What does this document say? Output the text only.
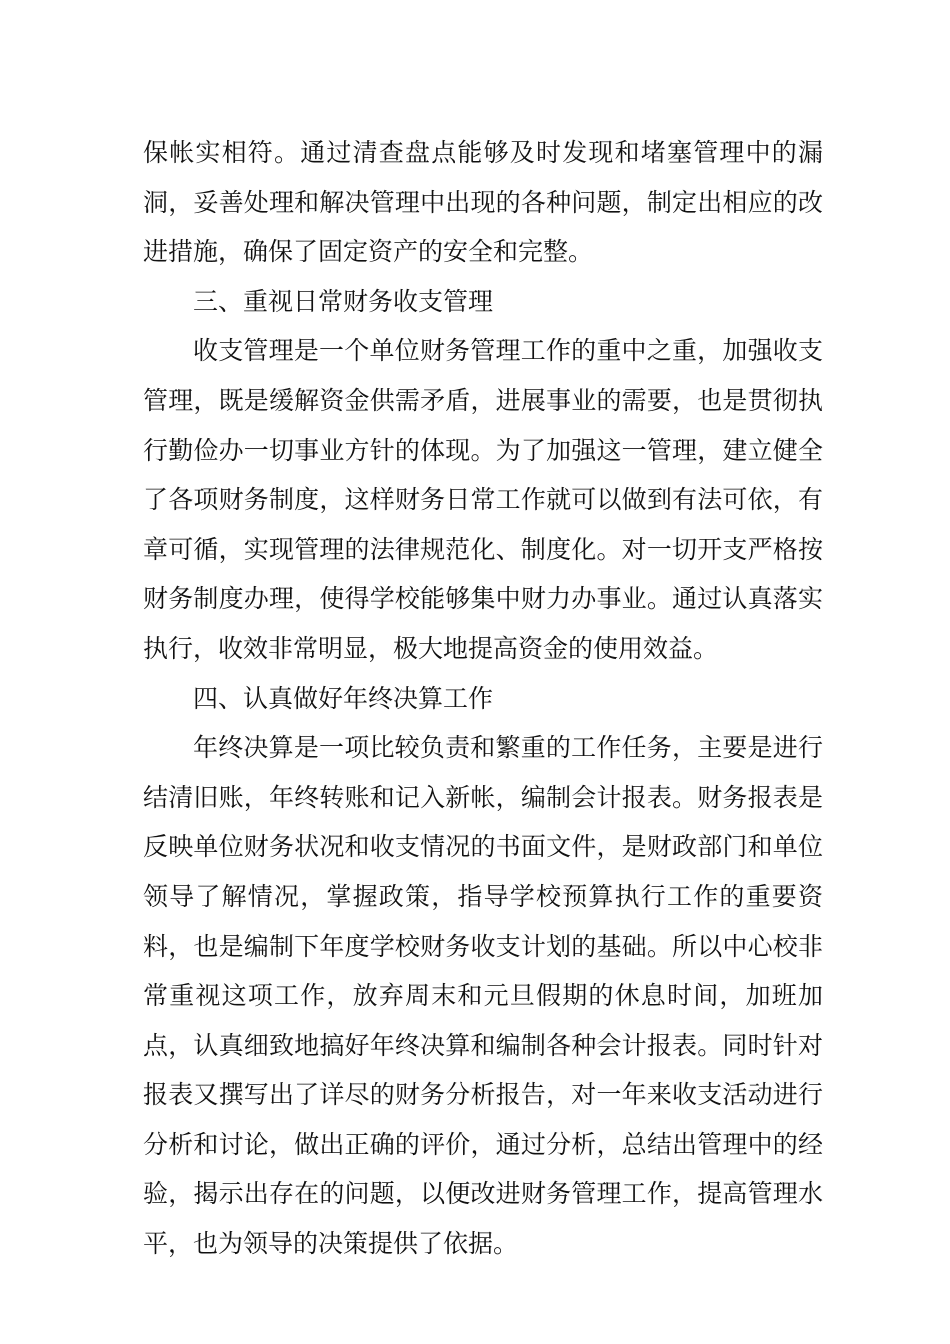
保帐实相符。通过清查盘点能够及时发现和堵塞管理中的漏洞，妥善处理和解决管理中出现的各种问题，制定出相应的改进措施，确保了固定资产的安全和完整。

三、重视日常财务收支管理

收支管理是一个单位财务管理工作的重中之重，加强收支管理，既是缓解资金供需矛盾，进展事业的需要，也是贯彻执行勤俭办一切事业方针的体现。为了加强这一管理，建立健全了各项财务制度，这样财务日常工作就可以做到有法可依，有章可循，实现管理的法律规范化、制度化。对一切开支严格按财务制度办理，使得学校能够集中财力办事业。通过认真落实执行，收效非常明显，极大地提高资金的使用效益。

四、认真做好年终决算工作

年终决算是一项比较负责和繁重的工作任务，主要是进行结清旧账，年终转账和记入新帐，编制会计报表。财务报表是反映单位财务状况和收支情况的书面文件，是财政部门和单位领导了解情况，掌握政策，指导学校预算执行工作的重要资料，也是编制下年度学校财务收支计划的基础。所以中心校非常重视这项工作，放弃周末和元旦假期的休息时间，加班加点，认真细致地搞好年终决算和编制各种会计报表。同时针对报表又撰写出了详尽的财务分析报告，对一年来收支活动进行分析和讨论，做出正确的评价，通过分析，总结出管理中的经验，揭示出存在的问题，以便改进财务管理工作，提高管理水平，也为领导的决策提供了依据。
